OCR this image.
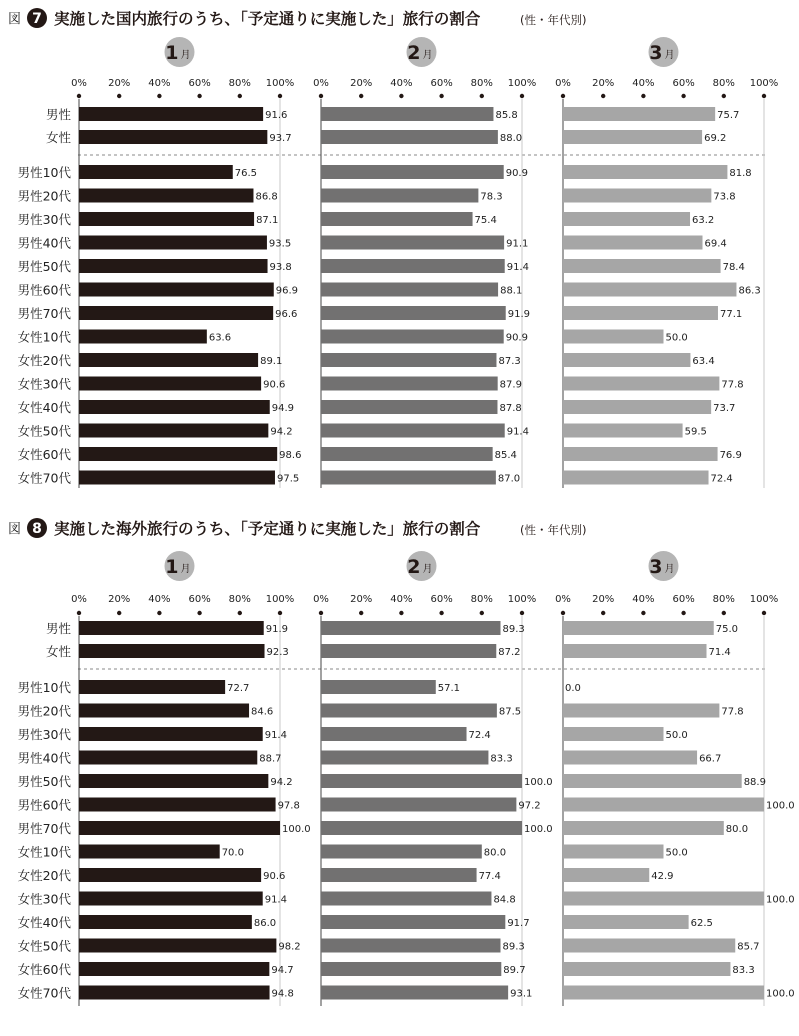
図 7 実施した国内旅行のうち、「予定通りに実施した」旅行の割合	(性・年代別)
男性
女性
男性10代
男性20代
男性30代
男性40代
男性50代
男性60代
男性70代
女性10代
女性20代
女性30代
女性40代
女性50代
女性60代
女性70代
1 月
0% 20% 40% 60% 80% 100%
91.6
93.7
76.5
86.8
87.1
93.5
93.8
96.9
96.6
63.6
89.1
90.6
94.9
94.2
98.6
97.5
2 月
0% 20% 40% 60% 80% 100%
85.8
88.0
90.9
78.3
75.4
91.1
91.4
88.1
91.9
90.9
87.3
87.9
87.8
91.4
85.4
87.0
3 月
0% 20% 40% 60% 80% 100%
75.7
69.2
81.8
73.8
63.2
69.4
78.4
86.3
77.1
50.0
63.4
77.8
73.7
59.5
76.9
72.4
図 8 実施した海外旅行のうち、「予定通りに実施した」旅行の割合	(性・年代別)
男性
女性
男性10代
男性20代
男性30代
男性40代
男性50代
男性60代
男性70代
女性10代
女性20代
女性30代
女性40代
女性50代
女性60代
女性70代
1 月
0% 20% 40% 60% 80% 100%
91.9
92.3
72.7
84.6
91.4
88.7
94.2
97.8
100.0
70.0
90.6
91.4
86.0
98.2
94.7
94.8
2 月
0% 20% 40% 60% 80% 100%
89.3
87.2
57.1
87.5
72.4
83.3
100.0
97.2
100.0
80.0
77.4
84.8
91.7
89.3
89.7
93.1
3 月
0% 20% 40% 60% 80% 100%
75.0
71.4
0.0
77.8
50.0
66.7
88.9
100.0
80.0
50.0
42.9
100.0
62.5
85.7
83.3
100.0
